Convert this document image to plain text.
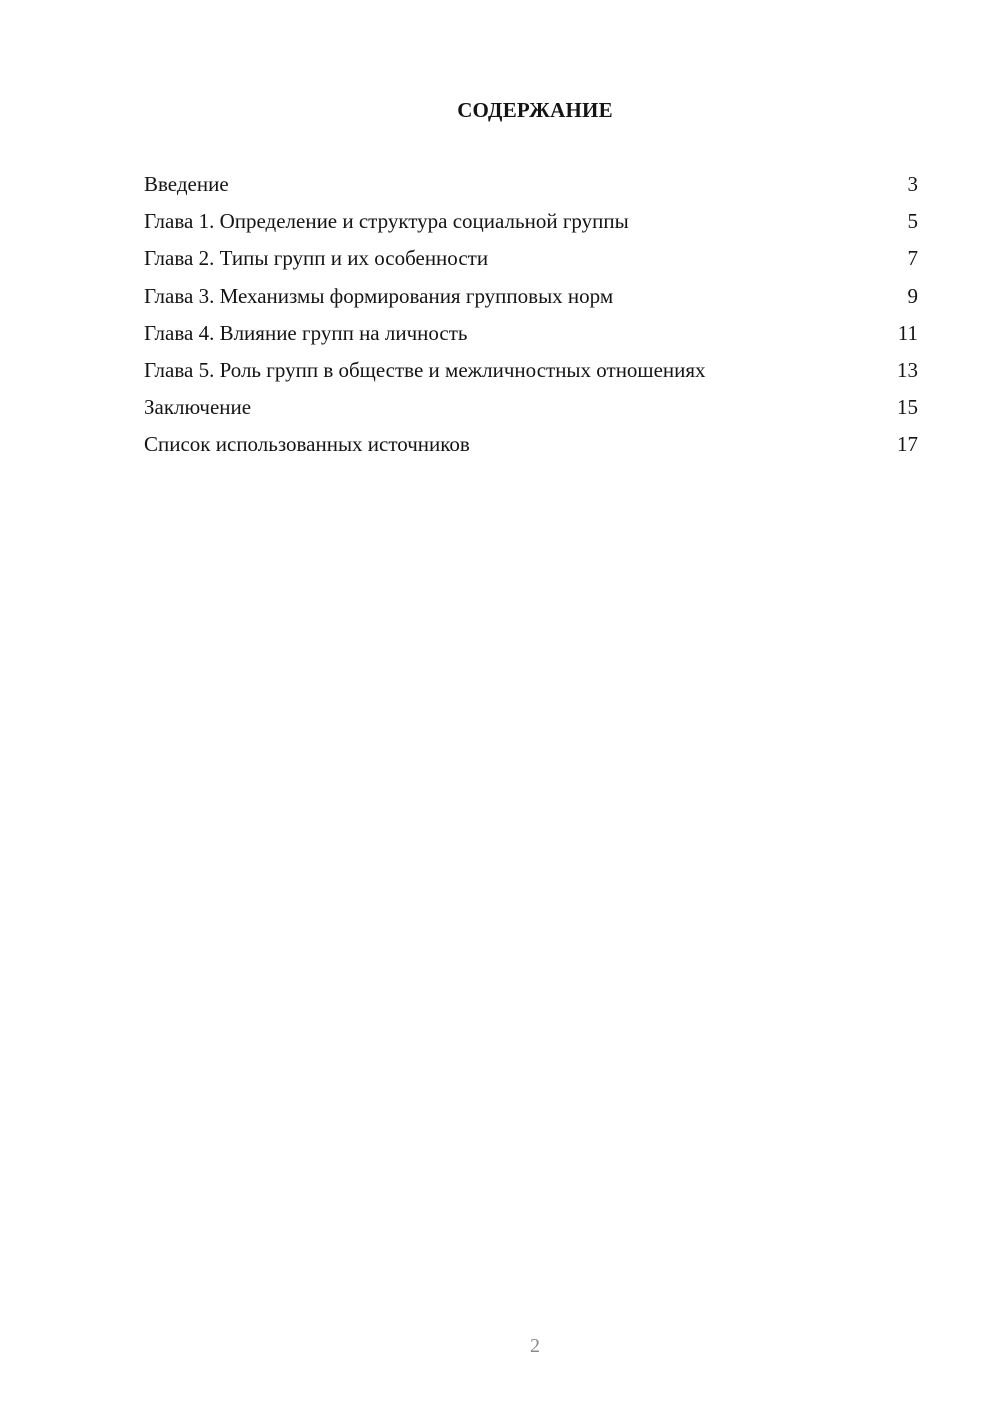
СОДЕРЖАНИЕ
Введение	3
Глава 1. Определение и структура социальной группы	5
Глава 2. Типы групп и их особенности	7
Глава 3. Механизмы формирования групповых норм	9
Глава 4. Влияние групп на личность	11
Глава 5. Роль групп в обществе и межличностных отношениях	13
Заключение	15
Список использованных источников	17
2
